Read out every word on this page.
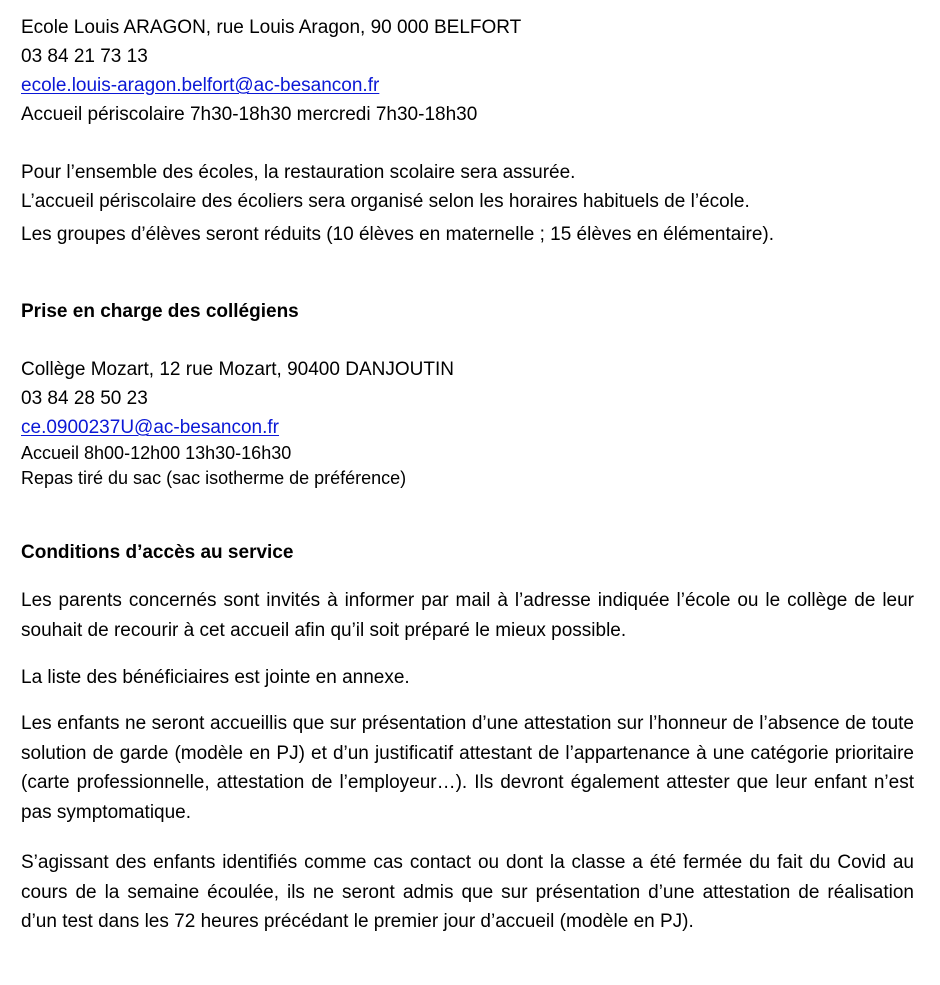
Ecole Louis ARAGON, rue Louis Aragon, 90 000 BELFORT
03 84 21 73 13
ecole.louis-aragon.belfort@ac-besancon.fr
Accueil périscolaire 7h30-18h30 mercredi 7h30-18h30
Pour l’ensemble des écoles, la restauration scolaire sera assurée.
L’accueil périscolaire des écoliers sera organisé selon les horaires habituels de l’école.
Les groupes d’élèves seront réduits (10 élèves en maternelle ; 15 élèves en élémentaire).
Prise en charge des collégiens
Collège Mozart, 12 rue Mozart, 90400 DANJOUTIN
03 84 28 50 23
ce.0900237U@ac-besancon.fr
Accueil 8h00-12h00 13h30-16h30
Repas tiré du sac (sac isotherme de préférence)
Conditions d’accès au service
Les parents concernés sont invités à informer par mail à l’adresse indiquée l’école ou le collège de leur souhait de recourir à cet accueil afin qu’il soit préparé le mieux possible.
La liste des bénéficiaires est jointe en annexe.
Les enfants ne seront accueillis que sur présentation d’une attestation sur l’honneur de l’absence de toute solution de garde (modèle en PJ) et d’un justificatif attestant de l’appartenance à une catégorie prioritaire (carte professionnelle, attestation de l’employeur…). Ils devront également attester que leur enfant n’est pas symptomatique.
S’agissant des enfants identifiés comme cas contact ou dont la classe a été fermée du fait du Covid au cours de la semaine écoulée, ils ne seront admis que sur présentation d’une attestation de réalisation d’un test dans les 72 heures précédant le premier jour d’accueil (modèle en PJ).
